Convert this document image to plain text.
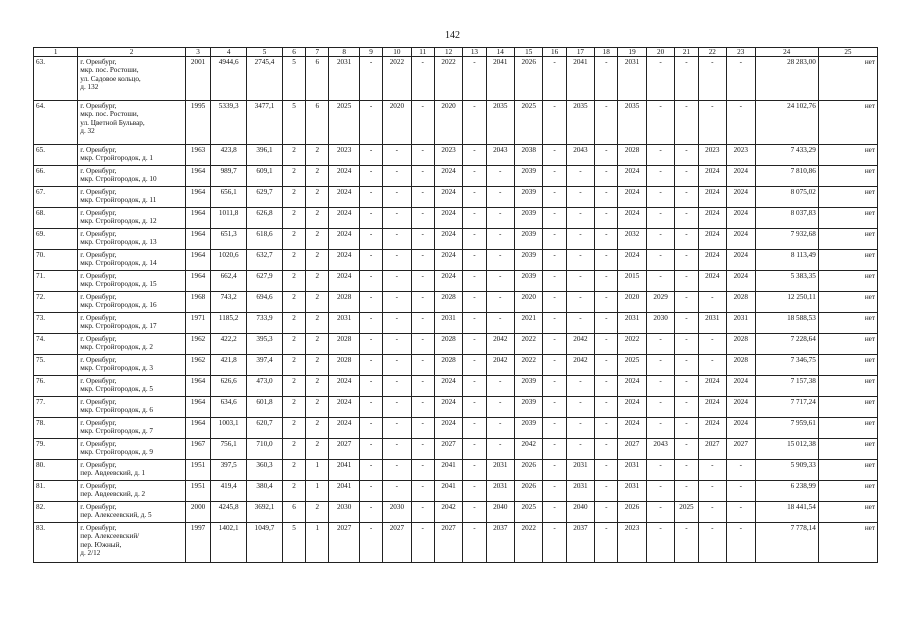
142
1	2	3	4	5	6	7	8	9	10	11	12	13	14	15	16	17	18	19	20	21	22	23	24	25
63.	г. Оренбург,
мкр. пос. Ростоши,
ул. Садовое кольцо,
д. 132	2001	4944,6	2745,4	5	6	2031	-	2022	-	2022	-	2041	2026	-	2041	-	2031	-	-	-	-	28 283,00	нет
64.	г. Оренбург,
мкр. пос. Ростоши,
ул. Цветной Бульвар,
д. 32	1995	5339,3	3477,1	5	6	2025	-	2020	-	2020	-	2035	2025	-	2035	-	2035	-	-	-	-	24 102,76	нет
65.	г. Оренбург,
мкр. Стройгородок, д. 1	1963	423,8	396,1	2	2	2023	-	-	-	2023	-	2043	2038	-	2043	-	2028	-	-	2023	2023	7 433,29	нет
66.	г. Оренбург,
мкр. Стройгородок, д. 10	1964	989,7	609,1	2	2	2024	-	-	-	2024	-	-	2039	-	-	-	2024	-	-	2024	2024	7 810,86	нет
67.	г. Оренбург,
мкр. Стройгородок, д. 11	1964	656,1	629,7	2	2	2024	-	-	-	2024	-	-	2039	-	-	-	2024	-	-	2024	2024	8 075,02	нет
68.	г. Оренбург,
мкр. Стройгородок, д. 12	1964	1011,8	626,8	2	2	2024	-	-	-	2024	-	-	2039	-	-	-	2024	-	-	2024	2024	8 037,83	нет
69.	г. Оренбург,
мкр. Стройгородок, д. 13	1964	651,3	618,6	2	2	2024	-	-	-	2024	-	-	2039	-	-	-	2032	-	-	2024	2024	7 932,68	нет
70.	г. Оренбург,
мкр. Стройгородок, д. 14	1964	1020,6	632,7	2	2	2024	-	-	-	2024	-	-	2039	-	-	-	2024	-	-	2024	2024	8 113,49	нет
71.	г. Оренбург,
мкр. Стройгородок, д. 15	1964	662,4	627,9	2	2	2024	-	-	-	2024	-	-	2039	-	-	-	2015	-	-	2024	2024	5 383,35	нет
72.	г. Оренбург,
мкр. Стройгородок, д. 16	1968	743,2	694,6	2	2	2028	-	-	-	2028	-	-	2020	-	-	-	2020	2029	-	-	2028	12 250,11	нет
73.	г. Оренбург,
мкр. Стройгородок, д. 17	1971	1185,2	733,9	2	2	2031	-	-	-	2031	-	-	2021	-	-	-	2031	2030	-	2031	2031	18 588,53	нет
74.	г. Оренбург,
мкр. Стройгородок, д. 2	1962	422,2	395,3	2	2	2028	-	-	-	2028	-	2042	2022	-	2042	-	2022	-	-	-	2028	7 228,64	нет
75.	г. Оренбург,
мкр. Стройгородок, д. 3	1962	421,8	397,4	2	2	2028	-	-	-	2028	-	2042	2022	-	2042	-	2025	-	-	-	2028	7 346,75	нет
76.	г. Оренбург,
мкр. Стройгородок, д. 5	1964	626,6	473,0	2	2	2024	-	-	-	2024	-	-	2039	-	-	-	2024	-	-	2024	2024	7 157,38	нет
77.	г. Оренбург,
мкр. Стройгородок, д. 6	1964	634,6	601,8	2	2	2024	-	-	-	2024	-	-	2039	-	-	-	2024	-	-	2024	2024	7 717,24	нет
78.	г. Оренбург,
мкр. Стройгородок, д. 7	1964	1003,1	620,7	2	2	2024	-	-	-	2024	-	-	2039	-	-	-	2024	-	-	2024	2024	7 959,61	нет
79.	г. Оренбург,
мкр. Стройгородок, д. 9	1967	756,1	710,0	2	2	2027	-	-	-	2027	-	-	2042	-	-	-	2027	2043	-	2027	2027	15 012,38	нет
80.	г. Оренбург,
пер. Авдеевский, д. 1	1951	397,5	360,3	2	1	2041	-	-	-	2041	-	2031	2026	-	2031	-	2031	-	-	-	-	5 909,33	нет
81.	г. Оренбург,
пер. Авдеевский, д. 2	1951	419,4	380,4	2	1	2041	-	-	-	2041	-	2031	2026	-	2031	-	2031	-	-	-	-	6 238,99	нет
82.	г. Оренбург,
пер. Алексеевский, д. 5	2000	4245,8	3692,1	6	2	2030	-	2030	-	2042	-	2040	2025	-	2040	-	2026	-	2025	-	-	18 441,54	нет
83.	г. Оренбург,
пер. Алексеевский/
пер. Южный,
д. 2/12	1997	1402,1	1049,7	5	1	2027	-	2027	-	2027	-	2037	2022	-	2037	-	2023	-	-	-	-	7 778,14	нет
